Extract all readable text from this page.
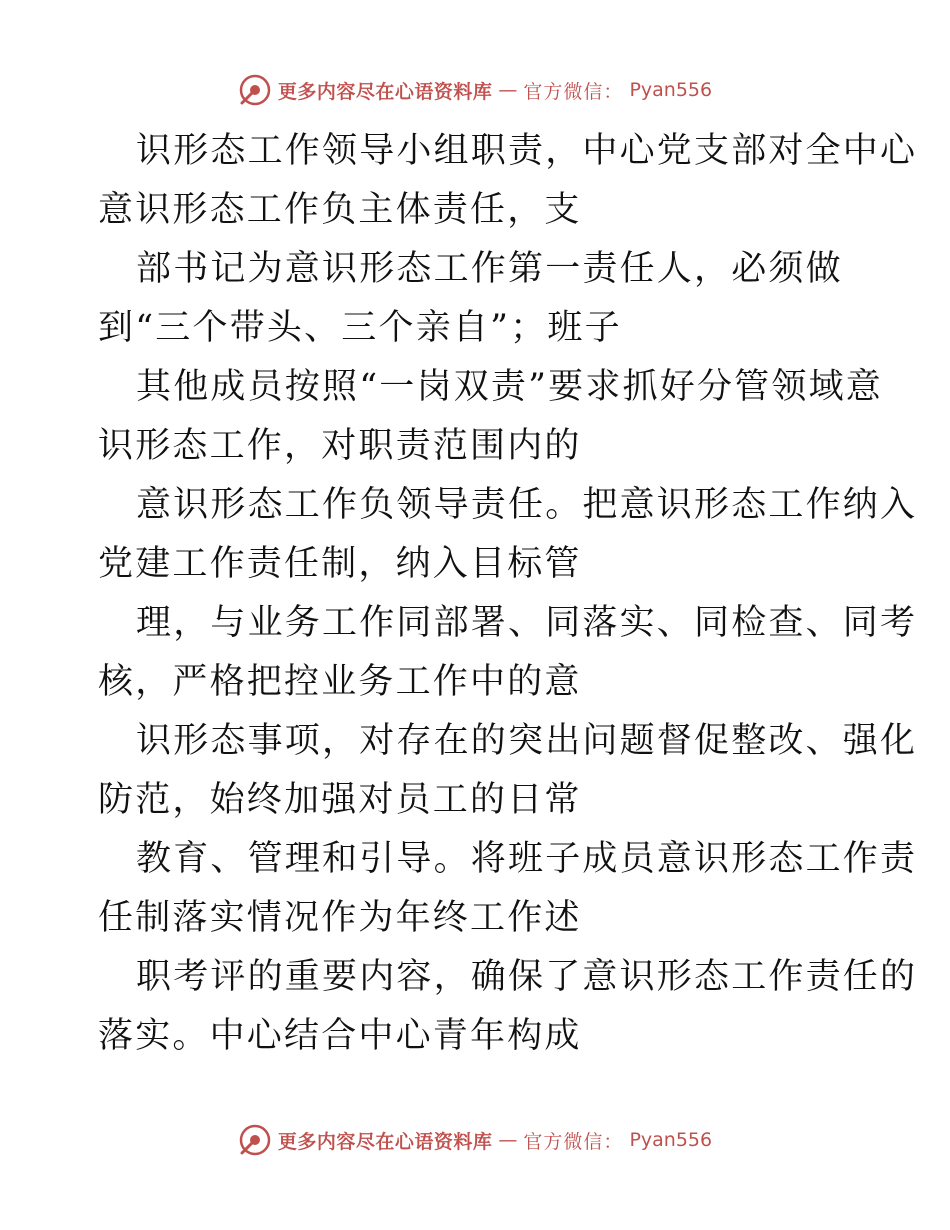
更多内容尽在心语资料库 — 官方微信： Pyan556
识形态工作领导小组职责，中心党支部对全中心
意识形态工作负主体责任，支
部书记为意识形态工作第一责任人，必须做
到“三个带头、三个亲自”；班子
其他成员按照“一岗双责”要求抓好分管领域意
识形态工作，对职责范围内的
意识形态工作负领导责任。把意识形态工作纳入
党建工作责任制，纳入目标管
理，与业务工作同部署、同落实、同检查、同考
核，严格把控业务工作中的意
识形态事项，对存在的突出问题督促整改、强化
防范，始终加强对员工的日常
教育、管理和引导。将班子成员意识形态工作责
任制落实情况作为年终工作述
职考评的重要内容，确保了意识形态工作责任的
落实。中心结合中心青年构成
更多内容尽在心语资料库 — 官方微信： Pyan556
